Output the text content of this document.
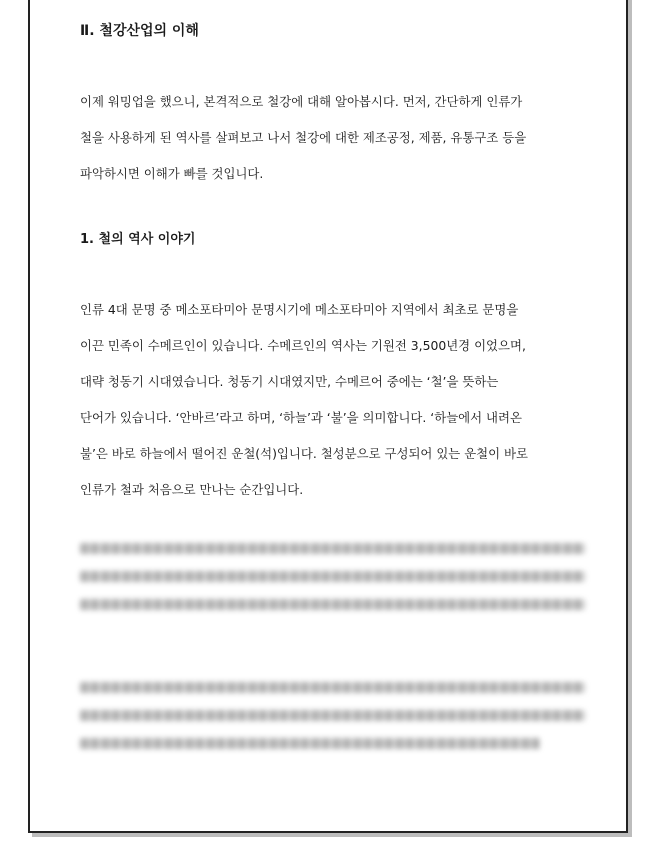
Ⅱ. 철강산업의 이해

이제 워밍업을 했으니, 본격적으로 철강에 대해 알아봅시다. 먼저, 간단하게 인류가
철을 사용하게 된 역사를 살펴보고 나서 철강에 대한 제조공정, 제품, 유통구조 등을
파악하시면 이해가 빠를 것입니다.

1. 철의 역사 이야기

인류 4대 문명 중 메소포타미아 문명시기에 메소포타미아 지역에서 최초로 문명을
이끈 민족이 수메르인이 있습니다. 수메르인의 역사는 기원전 3,500년경 이었으며,
대략 청동기 시대였습니다. 청동기 시대였지만, 수메르어 중에는 ‘철’을 뜻하는
단어가 있습니다. ‘안바르’라고 하며, ‘하늘’과 ‘불’을 의미합니다. ‘하늘에서 내려온
불’은 바로 하늘에서 떨어진 운철(석)입니다. 철성분으로 구성되어 있는 운철이 바로
인류가 철과 처음으로 만나는 순간입니다.
